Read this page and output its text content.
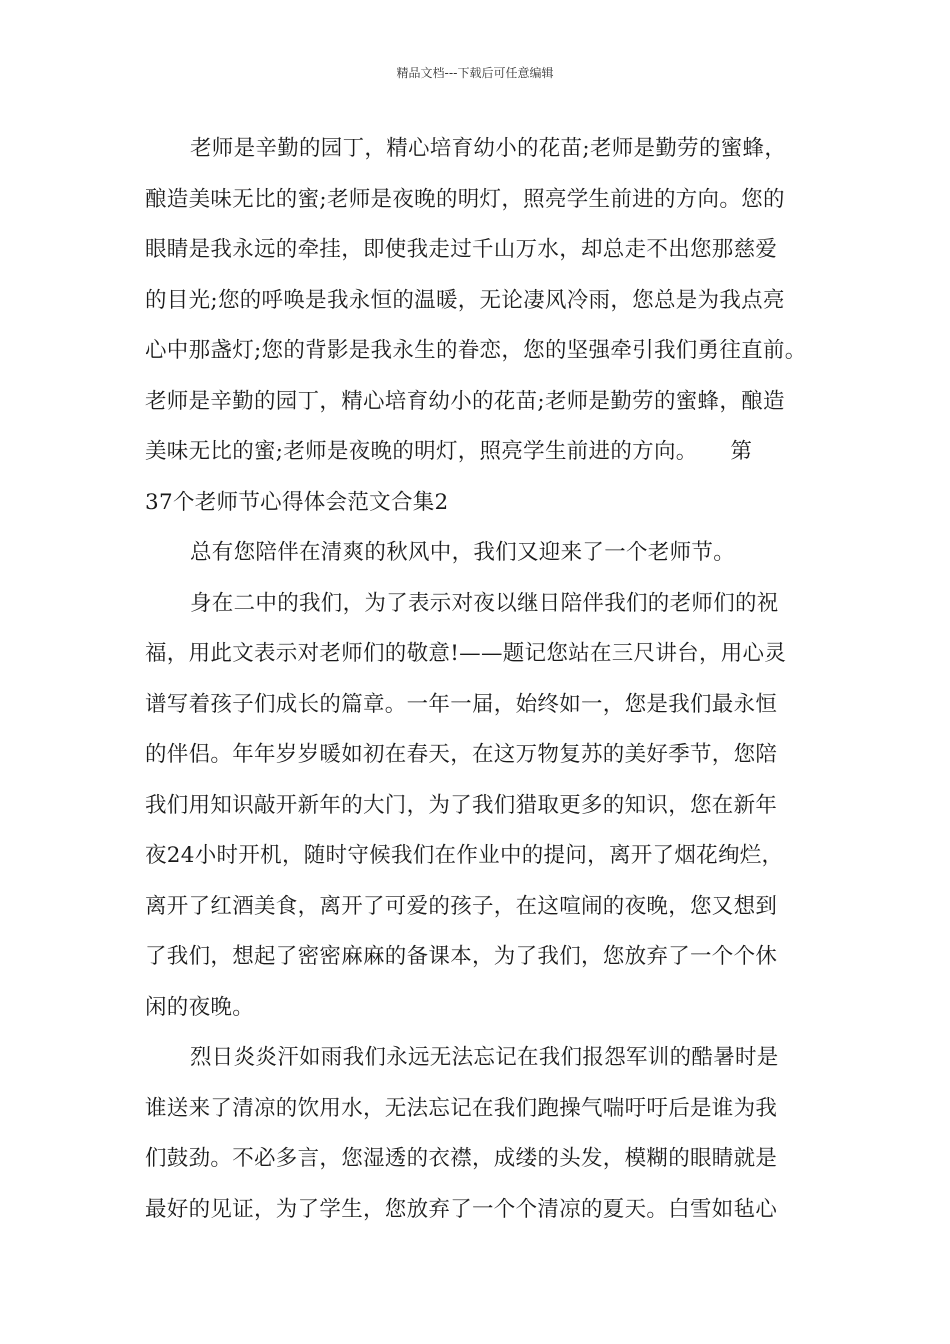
精品文档---下载后可任意编辑
老师是辛勤的园丁，精心培育幼小的花苗;老师是勤劳的蜜蜂，
酿造美味无比的蜜;老师是夜晚的明灯，照亮学生前进的方向。您的
眼睛是我永远的牵挂，即使我走过千山万水，却总走不出您那慈爱
的目光;您的呼唤是我永恒的温暖，无论凄风冷雨，您总是为我点亮
心中那盏灯;您的背影是我永生的眷恋，您的坚强牵引我们勇往直前。
老师是辛勤的园丁，精心培育幼小的花苗;老师是勤劳的蜜蜂，酿造
美味无比的蜜;老师是夜晚的明灯，照亮学生前进的方向。　　第
37个老师节心得体会范文合集2
总有您陪伴在清爽的秋风中，我们又迎来了一个老师节。
身在二中的我们，为了表示对夜以继日陪伴我们的老师们的祝
福，用此文表示对老师们的敬意!——题记您站在三尺讲台，用心灵
谱写着孩子们成长的篇章。一年一届，始终如一，您是我们最永恒
的伴侣。年年岁岁暖如初在春天，在这万物复苏的美好季节，您陪
我们用知识敲开新年的大门，为了我们猎取更多的知识，您在新年
夜24小时开机，随时守候我们在作业中的提问，离开了烟花绚烂，
离开了红酒美食，离开了可爱的孩子，在这喧闹的夜晚，您又想到
了我们，想起了密密麻麻的备课本，为了我们，您放弃了一个个休
闲的夜晚。
烈日炎炎汗如雨我们永远无法忘记在我们报怨军训的酷暑时是
谁送来了清凉的饮用水，无法忘记在我们跑操气喘吁吁后是谁为我
们鼓劲。不必多言，您湿透的衣襟，成缕的头发，模糊的眼睛就是
最好的见证，为了学生，您放弃了一个个清凉的夏天。白雪如毡心
